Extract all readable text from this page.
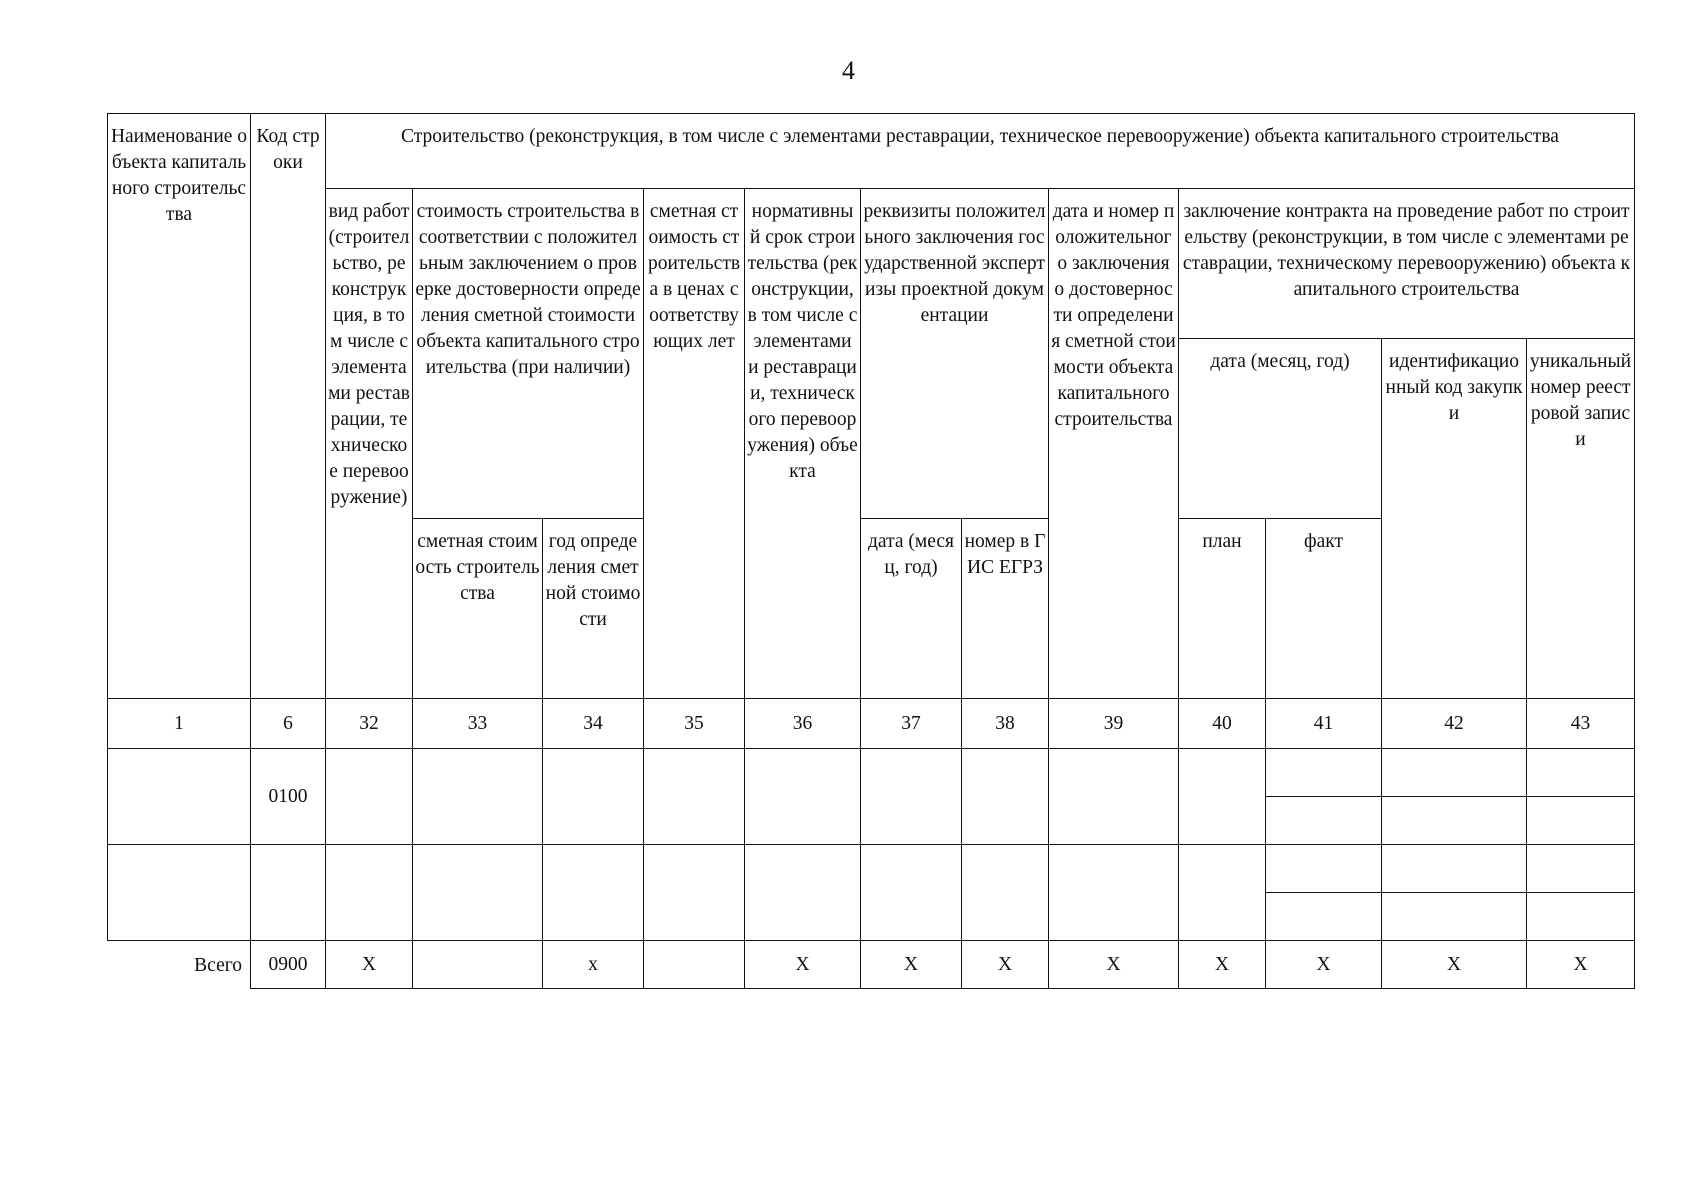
4
Наименование объекта капитального строительства	Код строки	Строительство (реконструкция, в том числе с элементами реставрации, техническое перевооружение) объекта капитального строительства											
		вид работ (строительство, реконструкция, в том числе с элементами реставрации, техническое перевооружение)	стоимость строительства в соответствии с положительным заключением о проверке достоверности определения сметной стоимости объекта капитального строительства (при наличии)		сметная стоимость строительства в ценах соответствующих лет	нормативный срок строительства (реконструкции, в том числе с элементами и реставрации, технического перевооружения) объекта	реквизиты положительного заключения государственной экспертизы проектной документации		дата и номер положительного заключения о достоверности определения сметной стоимости объекта капитального строительства	заключение контракта на проведение работ по строительству (реконструкции, в том числе с элементами реставрации, техническому перевооружению) объекта капитального строительства			
										дата (месяц, год)		идентификационный код закупки	уникальный номер реестровой записи
			сметная стоимость строительства	год определения сметной стоимости			дата (месяц, год)	номер в ГИС ЕГРЗ		план	факт		
1	6	32	33	34	35	36	37	38	39	40	41	42	43
	0100												

Всего	0900	X		x		X	X	X	X	X	X	X	X
